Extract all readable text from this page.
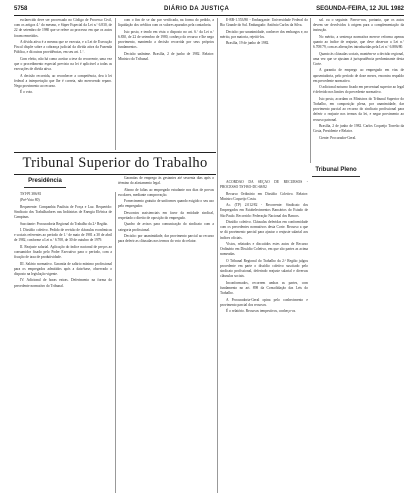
5758	DIÁRIO DA JUSTIÇA	SEGUNDA-FEIRA, 12 JUL 1982

esclarecido deve ser processado no Código de Processo Civil, com os artigos 4.º do mesmo, e Súper Especial da Lei n.º 6.830, de 22 de setembro de 1980 que se refere ao processo em que os autos foram remetidos.

A dívida ativa é a mesma que se executa, e a Lei de Execução Fiscal dispõe sobre a cobrança judicial da dívida ativa da Fazenda Pública, e dá outras providências, em seu art. 1.º.

Com efeito, não há como aceitar a tese do recorrente, uma vez que o procedimento especial previsto na lei é aplicável a todas as execuções de dívida ativa.

A decisão recorrida, ao reconhecer a competência, deu à lei federal a interpretação que lhe é correta, não merecendo reparo. Nego provimento ao recurso.

É o voto.

com o fim de se dar por verificada, na forma do pedido, a liquidação dos créditos com os valores apurados pela contadoria.

Isto posto, e tendo em vista o disposto no art. 6.º da Lei n.º 6.830, de 22 de setembro de 1980, conheço do recurso e lhe nego provimento, mantendo a decisão recorrida por seus próprios fundamentos.

Decisão unânime. Brasília, 2 de junho de 1982. Relator: Ministro do Tribunal.

Tribunal Superior do Trabalho
Presidência

TST-PI 386/81

(Pré-Voto 80)

Requerente: Companhia Paulista de Força e Luz. Requerido: Sindicato dos Trabalhadores nas Indústrias de Energia Elétrica de Campinas.

Suscitante: Procuradoria Regional do Trabalho da 2.ª Região.

I. Dissídio coletivo. Pedido de revisão de cláusulas econômicas e sociais referentes ao período de 1.º de maio de 1981 a 30 de abril de 1982, conforme a Lei n.º 6.708, de 30 de outubro de 1979.

II. Reajuste salarial. Aplicação do índice nacional de preços ao consumidor fixado pelo Poder Executivo para o período, com a fixação de taxa de produtividade.

III. Salário normativo. Garantia de salário mínimo profissional para os empregados admitidos após a data-base, observado o disposto na legislação vigente.

IV. Adicional de horas extras. Deferimento na forma do precedente normativo do Tribunal.

Garantias de emprego às gestantes até sessenta dias após o término do afastamento legal.

Abono de faltas ao empregado estudante nos dias de provas escolares, mediante comprovação.

Fornecimento gratuito de uniformes quando exigido o seu uso pelo empregador.

Descontos assistenciais em favor da entidade sindical, respeitado o direito de oposição do empregado.

Quadro de avisos para comunicação do sindicato com a categoria profissional.

Decisão: por unanimidade, dar provimento parcial ao recurso para deferir as cláusulas nos termos do voto do relator.

E-RR-1.553/80 - Embargante: Universidade Federal do Rio Grande do Sul. Embargado: Antônio Carlos da Silva.

Decisão: por unanimidade, conhecer dos embargos e, no mérito, por maioria, rejeitá-los.

Brasília, 19 de junho de 1982.

Tribunal Pleno

ACÓRDÃO DA SEÇÃO DE RECURSOS - PROCESSO TST-RO-DC-68/82

Recurso Ordinário em Dissídio Coletivo. Relator: Ministro Coqueijo Costa.

Ac. (TP) 2.012/82 - Recorrente: Sindicato dos Empregados em Estabelecimentos Bancários do Estado de São Paulo. Recorrido: Federação Nacional dos Bancos.

Dissídio coletivo. Cláusulas deferidas em conformidade com os precedentes normativos desta Corte. Recurso a que se dá provimento parcial para ajustar o reajuste salarial aos índices oficiais.

Vistos, relatados e discutidos estes autos de Recurso Ordinário em Dissídio Coletivo, em que são partes as acima nomeadas.

O Tribunal Regional do Trabalho da 2.ª Região julgou procedente em parte o dissídio coletivo suscitado pelo sindicato profissional, deferindo reajuste salarial e diversas cláusulas sociais.

Inconformados, recorrem ambas as partes, com fundamento no art. 898 da Consolidação das Leis do Trabalho.

A Procuradoria-Geral opina pelo conhecimento e provimento parcial dos recursos.

É o relatório. Recursos tempestivos, conheço-os.

sal. ou o seguinte. Parece-nos, portanto, que os autos devem ser devolvidos à origem para a complementação da instrução.

No mérito, a sentença normativa merece reforma apenas quanto ao índice de reajuste, que deve observar a Lei n.º 6.708/79, com as alterações introduzidas pela Lei n.º 6.886/80.

Quanto às cláusulas sociais, mantém-se a decisão regional, uma vez que se ajustam à jurisprudência predominante desta Corte.

A garantia de emprego ao empregado em vias de aposentadoria, pelo período de doze meses, encontra respaldo em precedente normativo.

O adicional noturno fixado em percentual superior ao legal é deferido nos limites do precedente normativo.

Isto posto, acordam os Ministros do Tribunal Superior do Trabalho, em composição plena, por unanimidade, dar provimento parcial ao recurso do sindicato profissional para deferir o reajuste nos termos da lei, e negar provimento ao recurso patronal.

Brasília, 2 de junho de 1982. Carlos Coqueijo Torreão da Costa, Presidente e Relator.

Ciente: Procurador-Geral.
